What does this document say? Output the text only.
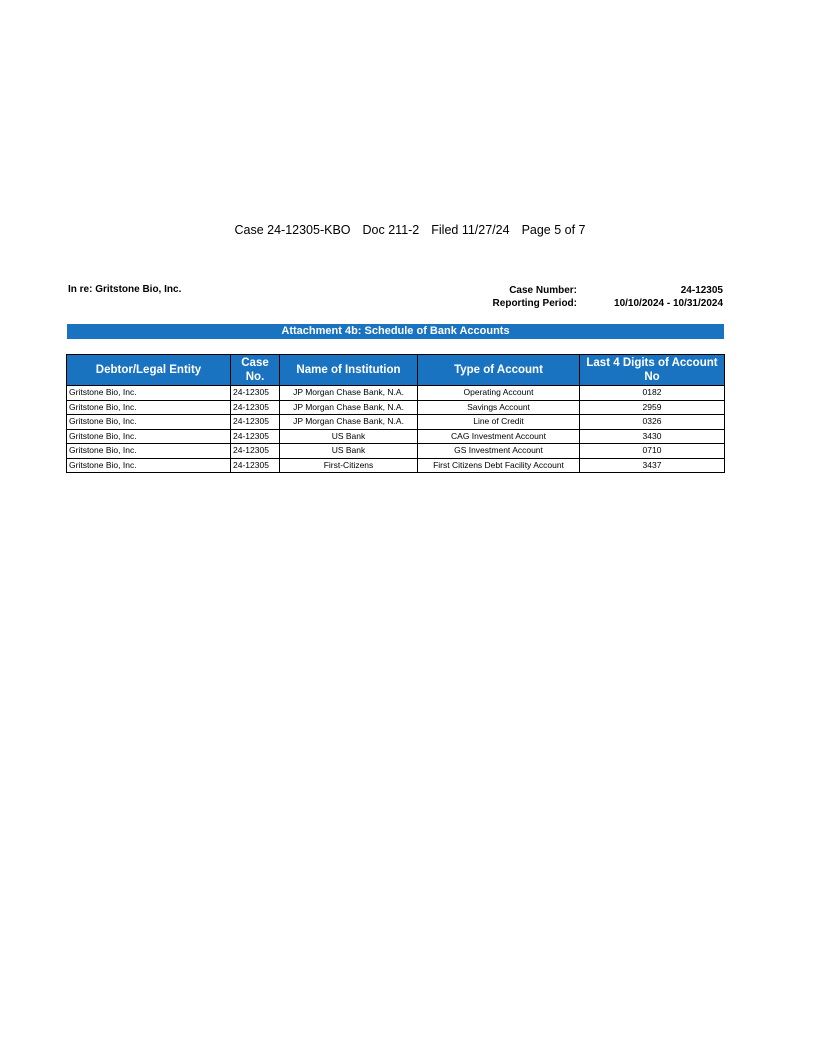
Case 24-12305-KBO Doc 211-2 Filed 11/27/24 Page 5 of 7
In re: Gritstone Bio, Inc.	Case Number:	24-12305
Reporting Period:	10/10/2024 - 10/31/2024
Attachment 4b: Schedule of Bank Accounts
Debtor/Legal Entity	Case No.	Name of Institution	Type of Account	Last 4 Digits of Account No
Gritstone Bio, Inc.	24-12305	JP Morgan Chase Bank, N.A.	Operating Account	0182
Gritstone Bio, Inc.	24-12305	JP Morgan Chase Bank, N.A.	Savings Account	2959
Gritstone Bio, Inc.	24-12305	JP Morgan Chase Bank, N.A.	Line of Credit	0326
Gritstone Bio, Inc.	24-12305	US Bank	CAG Investment Account	3430
Gritstone Bio, Inc.	24-12305	US Bank	GS Investment Account	0710
Gritstone Bio, Inc.	24-12305	First-Citizens	First Citizens Debt Facility Account	3437
